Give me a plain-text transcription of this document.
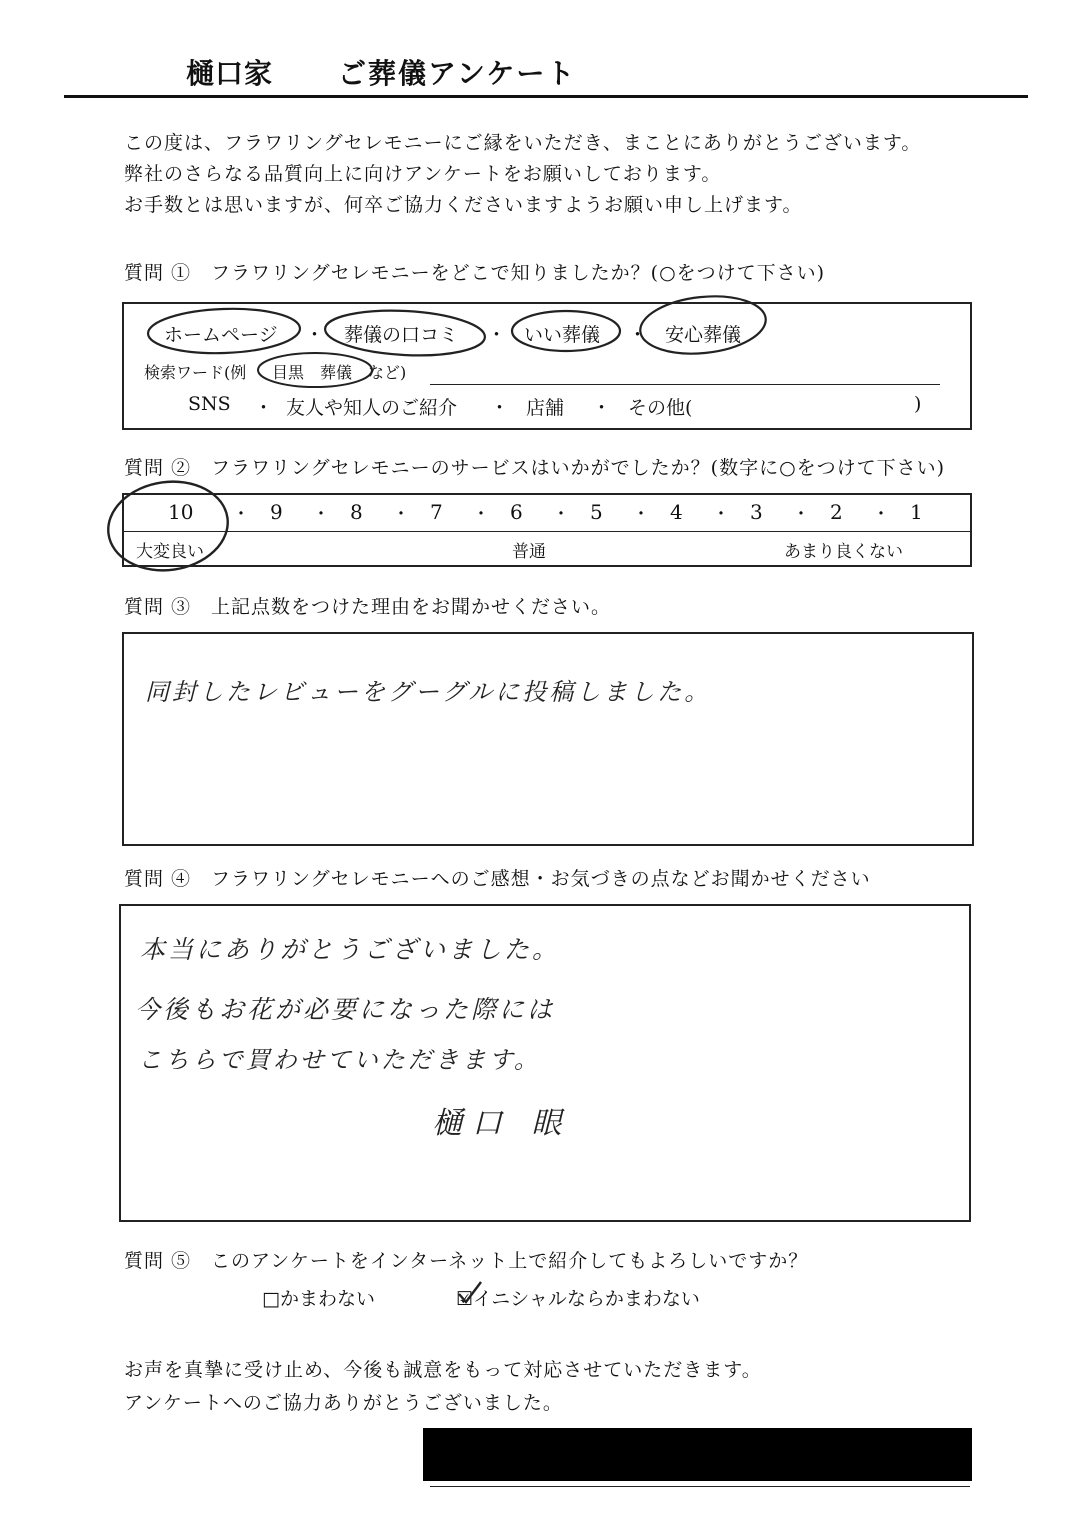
樋口家 ご葬儀アンケート
この度は、フラワリングセレモニーにご縁をいただき、まことにありがとうございます。
弊社のさらなる品質向上に向けアンケートをお願いしております。
お手数とは思いますが、何卒ご協力くださいますようお願い申し上げます。
質問 ①　フラワリングセレモニーをどこで知りましたか？(○をつけて下さい)
ホームページ ・ 葬儀の口コミ ・ いい葬儀 ・ 安心葬儀
検索ワード(例 目黒　葬儀 など)
SNS ・ 友人や知人のご紹介 ・ 店舗 ・ その他(	)
質問 ②　フラワリングセレモニーのサービスはいかがでしたか？(数字に○をつけて下さい)
10 ・ 9 ・ 8 ・ 7 ・ 6 ・ 5 ・ 4 ・ 3 ・ 2 ・ 1
大変良い	普通	あまり良くない
質問 ③　上記点数をつけた理由をお聞かせください。
同封したレビューをグーグルに投稿しました。
質問 ④　フラワリングセレモニーへのご感想・お気づきの点などお聞かせください
本当にありがとうございました。
今後もお花が必要になった際には
こちらで買わせていただきます。
樋口 眼
質問 ⑤　このアンケートをインターネット上で紹介してもよろしいですか？
□かまわない	☑イニシャルならかまわない
お声を真摯に受け止め、今後も誠意をもって対応させていただきます。
アンケートへのご協力ありがとうございました。
